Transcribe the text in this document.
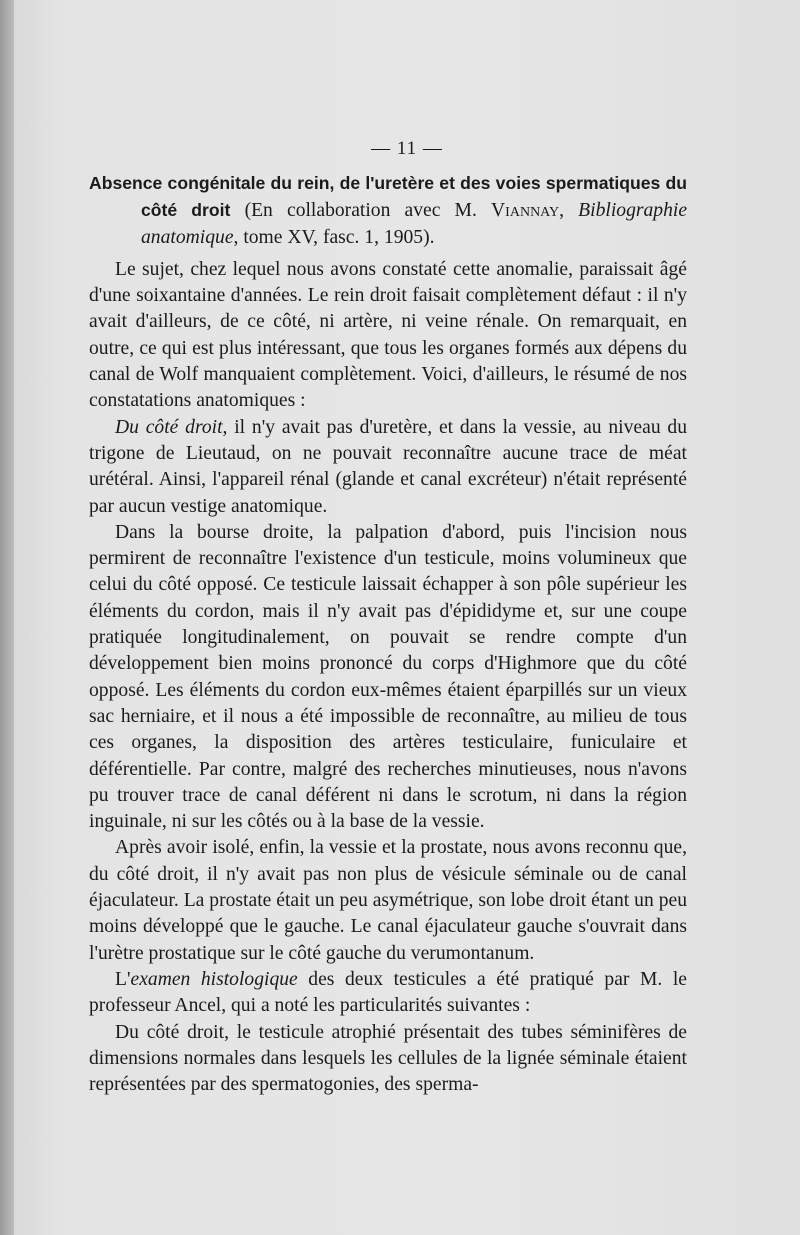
— 11 —

Absence congénitale du rein, de l'uretère et des voies spermatiques du côté droit (En collaboration avec M. Viannay, Bibliographie anatomique, tome XV, fasc. 1, 1905).

Le sujet, chez lequel nous avons constaté cette anomalie, paraissait âgé d'une soixantaine d'années. Le rein droit faisait complètement défaut : il n'y avait d'ailleurs, de ce côté, ni artère, ni veine rénale. On remarquait, en outre, ce qui est plus intéressant, que tous les organes formés aux dépens du canal de Wolf manquaient complètement. Voici, d'ailleurs, le résumé de nos constatations anatomiques :

Du côté droit, il n'y avait pas d'uretère, et dans la vessie, au niveau du trigone de Lieutaud, on ne pouvait reconnaître aucune trace de méat urétéral. Ainsi, l'appareil rénal (glande et canal excréteur) n'était représenté par aucun vestige anatomique.

Dans la bourse droite, la palpation d'abord, puis l'incision nous permirent de reconnaître l'existence d'un testicule, moins volumineux que celui du côté opposé. Ce testicule laissait échapper à son pôle supérieur les éléments du cordon, mais il n'y avait pas d'épididyme et, sur une coupe pratiquée longitudinalement, on pouvait se rendre compte d'un développement bien moins prononcé du corps d'Highmore que du côté opposé. Les éléments du cordon eux-mêmes étaient éparpillés sur un vieux sac herniaire, et il nous a été impossible de reconnaître, au milieu de tous ces organes, la disposition des artères testiculaire, funiculaire et déférentielle. Par contre, malgré des recherches minutieuses, nous n'avons pu trouver trace de canal déférent ni dans le scrotum, ni dans la région inguinale, ni sur les côtés ou à la base de la vessie.

Après avoir isolé, enfin, la vessie et la prostate, nous avons reconnu que, du côté droit, il n'y avait pas non plus de vésicule séminale ou de canal éjaculateur. La prostate était un peu asymétrique, son lobe droit étant un peu moins développé que le gauche. Le canal éjaculateur gauche s'ouvrait dans l'urètre prostatique sur le côté gauche du verumontanum.

L'examen histologique des deux testicules a été pratiqué par M. le professeur Ancel, qui a noté les particularités suivantes :

Du côté droit, le testicule atrophié présentait des tubes séminifères de dimensions normales dans lesquels les cellules de la lignée séminale étaient représentées par des spermatogonies, des sperma-
